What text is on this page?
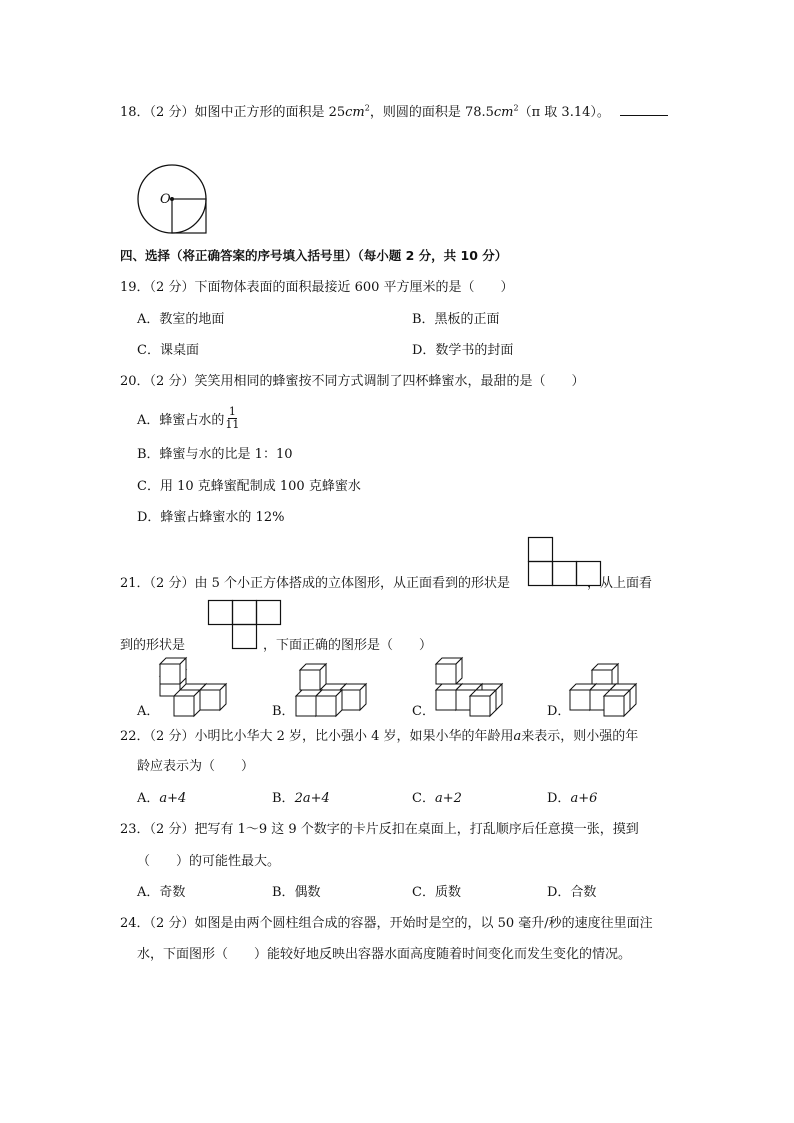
18．（2 分）如图中正方形的面积是 $25cm^2$，则圆的面积是 $78.5cm^2(\pi$ 取 3.14）。
O
四、选择（将正确答案的序号填入括号里）（每小题 2 分，共 10 分）
19．（2 分）下面物体表面的面积最接近 600 平方厘米的是（　　）
A．教室的地面	B．黑板的正面
C．课桌面	D．数学书的封面
20．（2 分）笑笑用相同的蜂蜜按不同方式调制了四杯蜂蜜水，最甜的是（　　）
A．蜂蜜占水的 $\frac{1}{11}$
B．蜂蜜与水的比是 1：10
C．用 10 克蜂蜜配制成 100 克蜂蜜水
D．蜂蜜占蜂蜜水的 12%
21．（2 分）由 5 个小正方体搭成的立体图形，从正面看到的形状是	，从上面看
到的形状是	，下面正确的图形是（　　）
A．	B．	C．	D．
22．（2 分）小明比小华大 2 岁，比小强小 4 岁，如果小华的年龄用a来表示，则小强的年
龄应表示为（　　）
A．a+4	B．2a+4	C．a+2	D．a+6
23．（2 分）把写有 1～9 这 9 个数字的卡片反扣在桌面上，打乱顺序后任意摸一张，摸到
（　　）的可能性最大。
A．奇数	B．偶数	C．质数	D．合数
24．（2 分）如图是由两个圆柱组合成的容器，开始时是空的，以 50 毫升/秒的速度往里面注
水，下面图形（　　）能较好地反映出容器水面高度随着时间变化而发生变化的情况。
